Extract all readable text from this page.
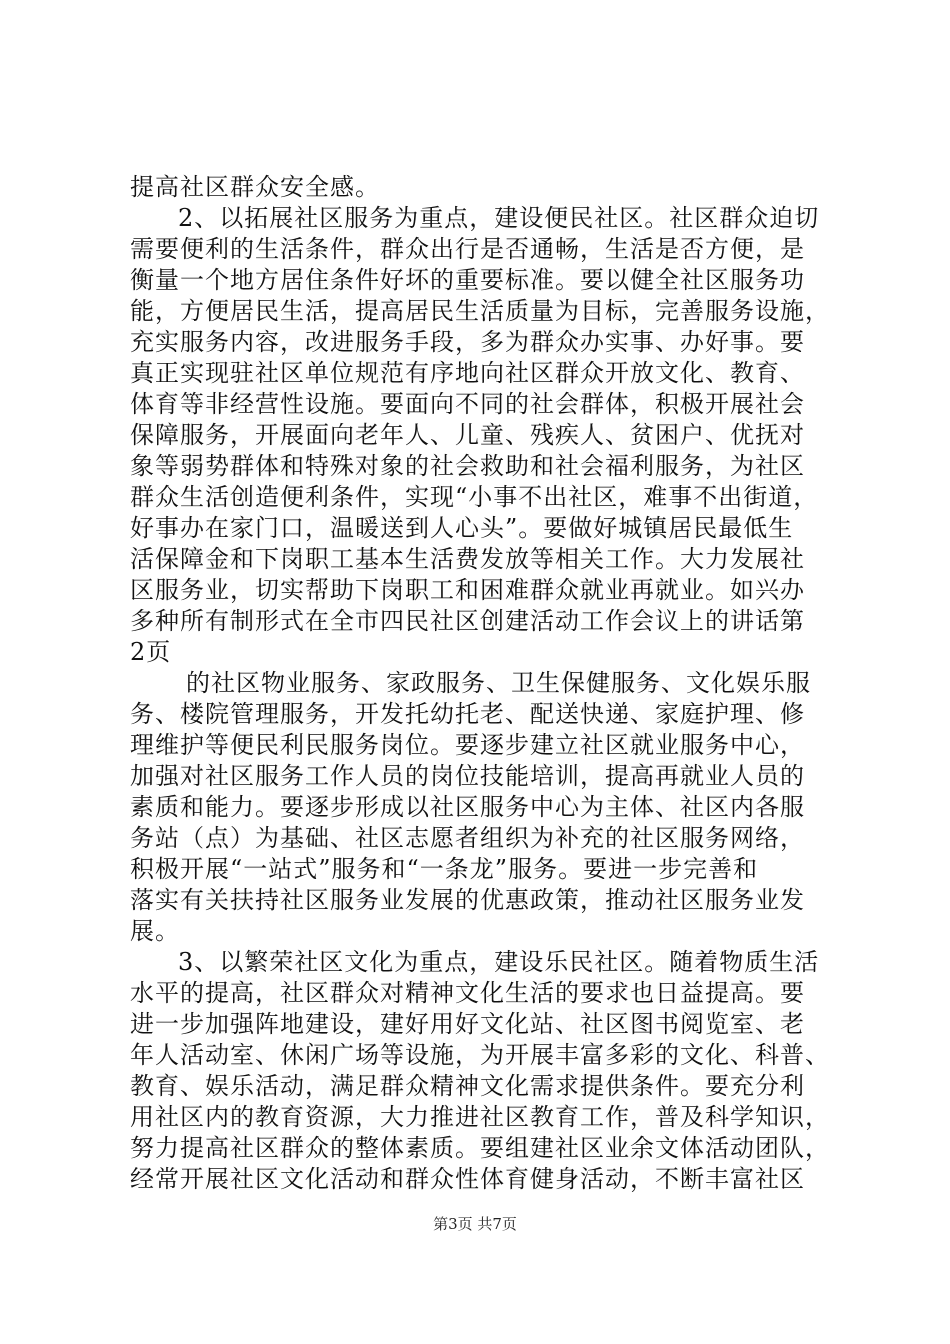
提高社区群众安全感。
2、以拓展社区服务为重点，建设便民社区。社区群众迫切
需要便利的生活条件，群众出行是否通畅，生活是否方便，是
衡量一个地方居住条件好坏的重要标准。要以健全社区服务功
能，方便居民生活，提高居民生活质量为目标，完善服务设施，
充实服务内容，改进服务手段，多为群众办实事、办好事。要
真正实现驻社区单位规范有序地向社区群众开放文化、教育、
体育等非经营性设施。要面向不同的社会群体，积极开展社会
保障服务，开展面向老年人、儿童、残疾人、贫困户、优抚对
象等弱势群体和特殊对象的社会救助和社会福利服务，为社区
群众生活创造便利条件，实现“小事不出社区，难事不出街道，
好事办在家门口，温暖送到人心头”。要做好城镇居民最低生
活保障金和下岗职工基本生活费发放等相关工作。大力发展社
区服务业，切实帮助下岗职工和困难群众就业再就业。如兴办
多种所有制形式在全市四民社区创建活动工作会议上的讲话第
2页
的社区物业服务、家政服务、卫生保健服务、文化娱乐服
务、楼院管理服务，开发托幼托老、配送快递、家庭护理、修
理维护等便民利民服务岗位。要逐步建立社区就业服务中心，
加强对社区服务工作人员的岗位技能培训，提高再就业人员的
素质和能力。要逐步形成以社区服务中心为主体、社区内各服
务站（点）为基础、社区志愿者组织为补充的社区服务网络，
积极开展“一站式”服务和“一条龙”服务。要进一步完善和
落实有关扶持社区服务业发展的优惠政策，推动社区服务业发
展。
3、以繁荣社区文化为重点，建设乐民社区。随着物质生活
水平的提高，社区群众对精神文化生活的要求也日益提高。要
进一步加强阵地建设，建好用好文化站、社区图书阅览室、老
年人活动室、休闲广场等设施，为开展丰富多彩的文化、科普、
教育、娱乐活动，满足群众精神文化需求提供条件。要充分利
用社区内的教育资源，大力推进社区教育工作，普及科学知识，
努力提高社区群众的整体素质。要组建社区业余文体活动团队，
经常开展社区文化活动和群众性体育健身活动，不断丰富社区
第3页 共7页
